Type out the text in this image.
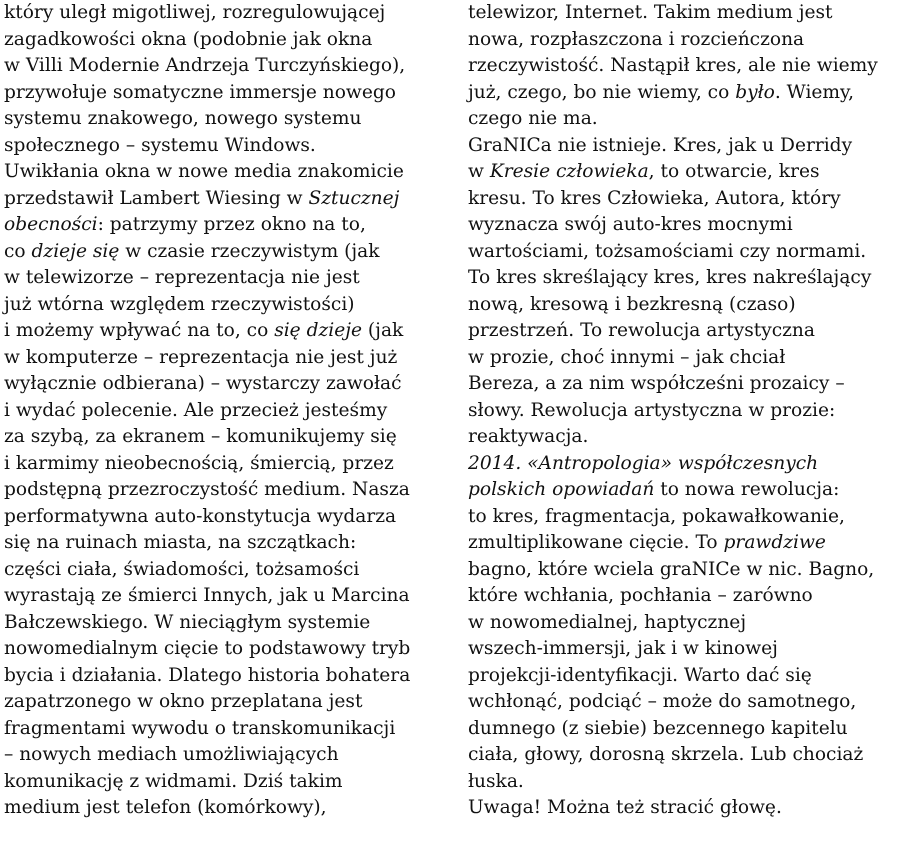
który uległ migotliwej, rozregulowującej
zagadkowości okna (podobnie jak okna
w Villi Modernie Andrzeja Turczyńskiego),
przywołuje somatyczne immersje nowego
systemu znakowego, nowego systemu
społecznego – systemu Windows.
Uwikłania okna w nowe media znakomicie
przedstawił Lambert Wiesing w Sztucznej
obecności: patrzymy przez okno na to,
co dzieje się w czasie rzeczywistym (jak
w telewizorze – reprezentacja nie jest
już wtórna względem rzeczywistości)
i możemy wpływać na to, co się dzieje (jak
w komputerze – reprezentacja nie jest już
wyłącznie odbierana) – wystarczy zawołać
i wydać polecenie. Ale przecież jesteśmy
za szybą, za ekranem – komunikujemy się
i karmimy nieobecnością, śmiercią, przez
podstępną przezroczystość medium. Nasza
performatywna auto-konstytucja wydarza
się na ruinach miasta, na szczątkach:
części ciała, świadomości, tożsamości
wyrastają ze śmierci Innych, jak u Marcina
Bałczewskiego. W nieciągłym systemie
nowomedialnym cięcie to podstawowy tryb
bycia i działania. Dlatego historia bohatera
zapatrzonego w okno przeplatana jest
fragmentami wywodu o transkomunikacji
– nowych mediach umożliwiających
komunikację z widmami. Dziś takim
medium jest telefon (komórkowy),
telewizor, Internet. Takim medium jest
nowa, rozpłaszczona i rozcieńczona
rzeczywistość. Nastąpił kres, ale nie wiemy
już, czego, bo nie wiemy, co było. Wiemy,
czego nie ma.
GraNICa nie istnieje. Kres, jak u Derridy
w Kresie człowieka, to otwarcie, kres
kresu. To kres Człowieka, Autora, który
wyznacza swój auto-kres mocnymi
wartościami, tożsamościami czy normami.
To kres skreślający kres, kres nakreślający
nową, kresową i bezkresną (czaso)
przestrzeń. To rewolucja artystyczna
w prozie, choć innymi – jak chciał
Bereza, a za nim współcześni prozaicy –
słowy. Rewolucja artystyczna w prozie:
reaktywacja.
2014. «Antropologia» współczesnych
polskich opowiadań to nowa rewolucja:
to kres, fragmentacja, pokawałkowanie,
zmultiplikowane cięcie. To prawdziwe
bagno, które wciela graNICe w nic. Bagno,
które wchłania, pochłania – zarówno
w nowomedialnej, haptycznej
wszech-immersji, jak i w kinowej
projekcji-identyfikacji. Warto dać się
wchłonąć, podciąć – może do samotnego,
dumnego (z siebie) bezcennego kapitelu
ciała, głowy, dorosną skrzela. Lub chociaż
łuska.
Uwaga! Można też stracić głowę.
